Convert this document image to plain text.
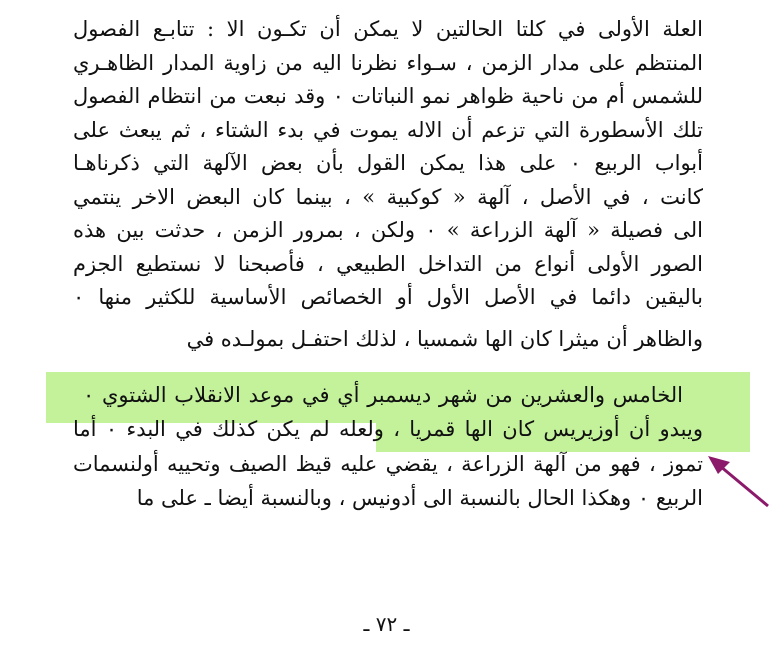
العلة الأولى في كلتا الحالتين لا يمكن أن تكـون الا : تتابـع الفصول
المنتظم على مدار الزمن ، سـواء نظرنا اليه من زاوية المدار الظاهـري
للشمس أم من ناحية ظواهر نمو النباتات ٠ وقد نبعت من انتظام الفصول
تلك الأسطورة التي تزعم أن الاله يموت في بدء الشتاء ، ثم يبعث على
أبواب الربيع ٠ على هذا يمكن القول بأن بعض الآلهة التي ذكرناهـا
كانت ، في الأصل ، آلهة « كوكبية » ، بينما كان البعض الاخر ينتمي
الى فصيلة « آلهة الزراعة » ٠ ولكن ، بمرور الزمن ، حدثت بين هذه
الصور الأولى أنواع من التداخل الطبيعي ، فأصبحنا لا نستطيع الجزم
باليقين دائما في الأصل الأول أو الخصائص الأساسية للكثير منها ٠
والظاهر أن ميثرا كان الها شمسيا ، لذلك احتفـل بمولـده في
الخامس والعشرين من شهر ديسمبر أي في موعد الانقلاب الشتوي ٠
ويبدو أن أوزيريس كان الها قمريا ، ولعله لم يكن كذلك في البدء ٠ أما
تموز ، فهو من آلهة الزراعة ، يقضي عليه قيظ الصيف وتحييه أولنسمات
الربيع ٠ وهكذا الحال بالنسبة الى أدونيس ، وبالنسبة أيضا ـ على ما
ـ ٧٢ ـ
